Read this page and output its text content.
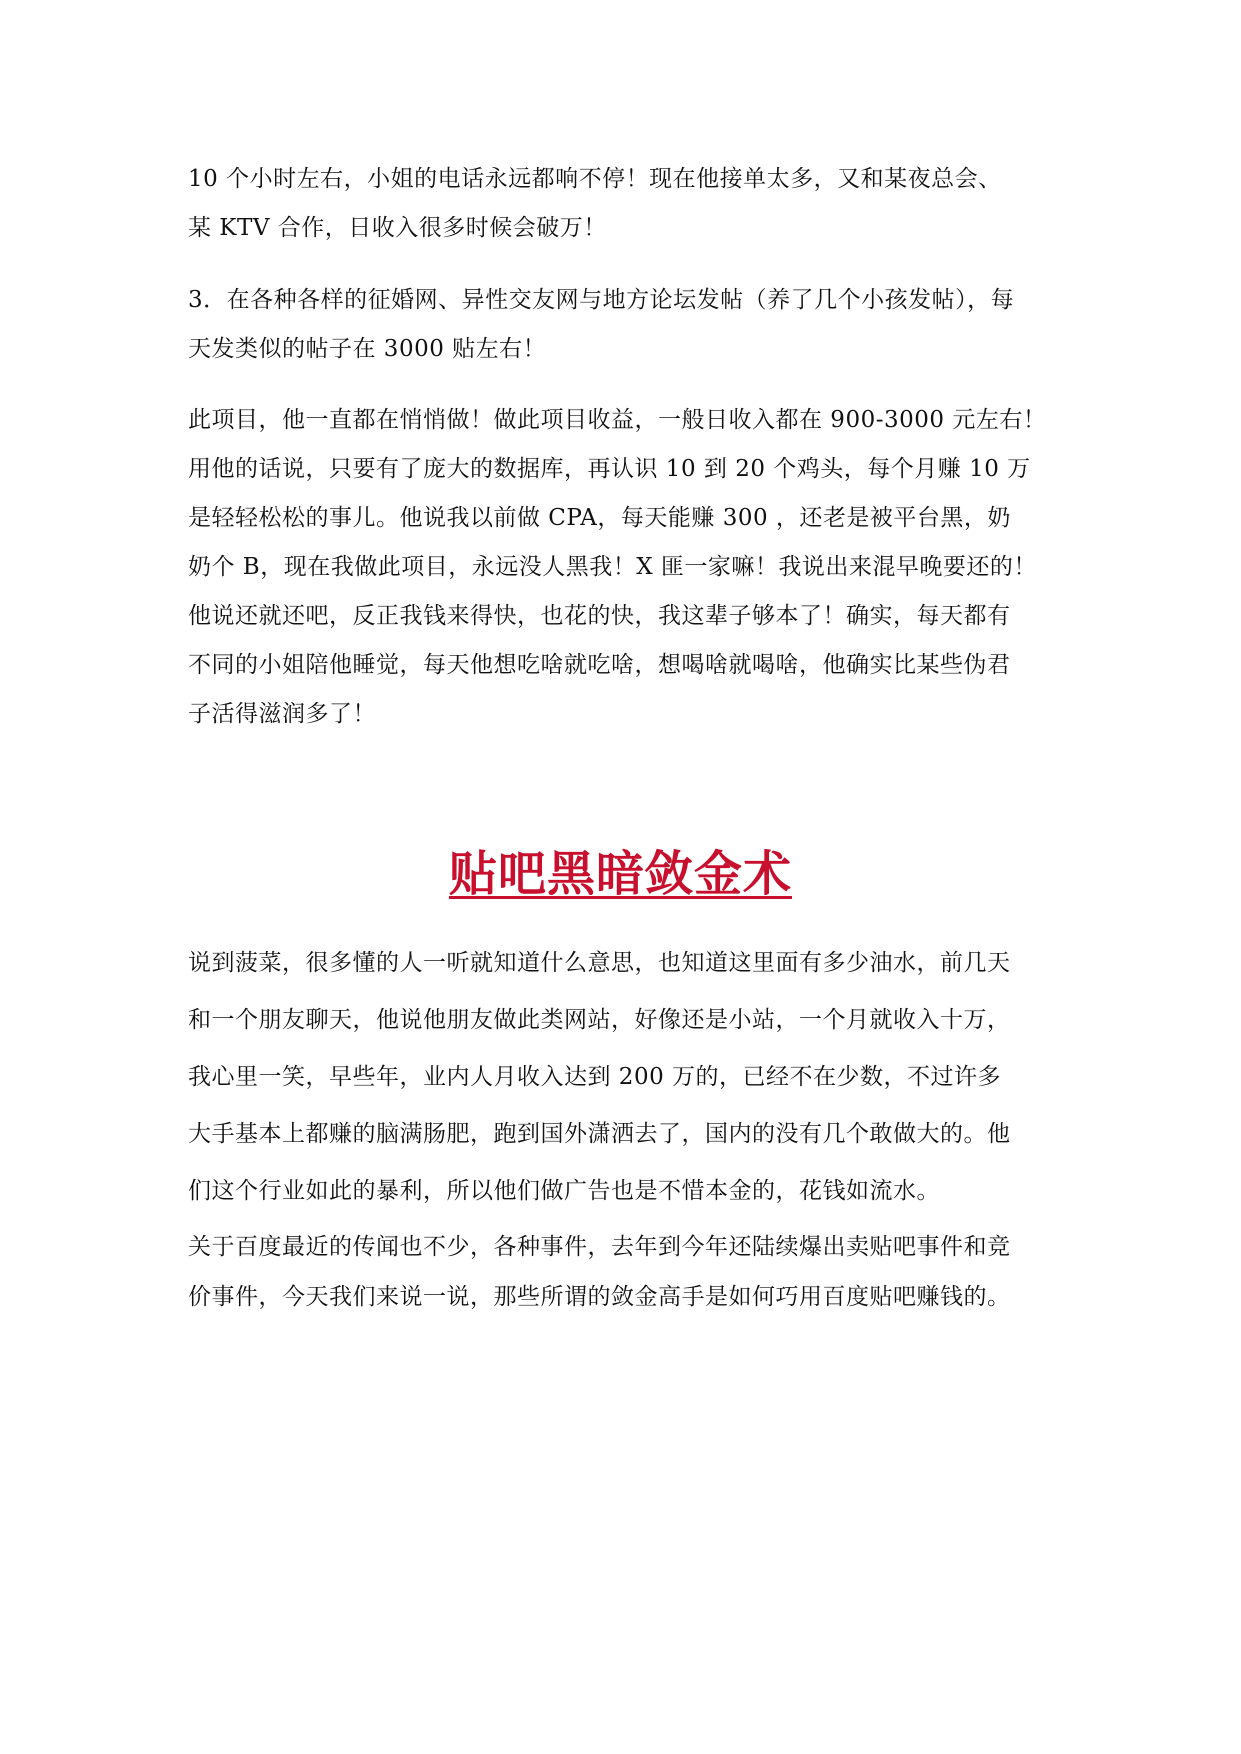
10 个小时左右，小姐的电话永远都响不停！现在他接单太多，又和某夜总会、
某 KTV 合作，日收入很多时候会破万！

3．在各种各样的征婚网、异性交友网与地方论坛发帖（养了几个小孩发帖），每
天发类似的帖子在 3000 贴左右！

此项目，他一直都在悄悄做！做此项目收益，一般日收入都在 900-3000 元左右！
用他的话说，只要有了庞大的数据库，再认识 10 到 20 个鸡头，每个月赚 10 万
是轻轻松松的事儿。他说我以前做 CPA，每天能赚 300 ，还老是被平台黑，奶
奶个 B，现在我做此项目，永远没人黑我！X 匪一家嘛！我说出来混早晚要还的！
他说还就还吧，反正我钱来得快，也花的快，我这辈子够本了！确实，每天都有
不同的小姐陪他睡觉，每天他想吃啥就吃啥，想喝啥就喝啥，他确实比某些伪君
子活得滋润多了！

贴吧黑暗敛金术

说到菠菜，很多懂的人一听就知道什么意思，也知道这里面有多少油水，前几天
和一个朋友聊天，他说他朋友做此类网站，好像还是小站，一个月就收入十万，
我心里一笑，早些年，业内人月收入达到 200 万的，已经不在少数，不过许多
大手基本上都赚的脑满肠肥，跑到国外潇洒去了，国内的没有几个敢做大的。他
们这个行业如此的暴利，所以他们做广告也是不惜本金的，花钱如流水。

关于百度最近的传闻也不少，各种事件，去年到今年还陆续爆出卖贴吧事件和竞
价事件，今天我们来说一说，那些所谓的敛金高手是如何巧用百度贴吧赚钱的。
